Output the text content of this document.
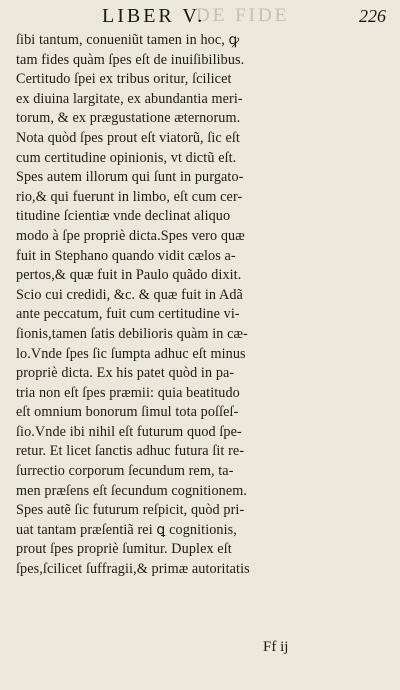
DE FIDE
LIBER V.	226
ſibi tantum, conueniũt tamen in hoc, ꝙ
tam fides quàm ſpes eſt de inuiſibilibus.
Certitudo ſpei ex tribus oritur, ſcilicet
ex diuina largitate, ex abundantia meri-
torum, & ex prægustatione æternorum.
Nota quòd ſpes prout eſt viatorũ, ſic eſt
cum certitudine opinionis, vt dictũ eſt.
Spes autem illorum qui ſunt in purgato-
rio,& qui fuerunt in limbo, eſt cum cer-
titudine ſcientiæ vnde declinat aliquo
modo à ſpe propriè dicta.Spes vero quæ
fuit in Stephano quando vidit cælos a-
pertos,& quæ fuit in Paulo quãdo dixit.
Scio cui credidi, &c. & quæ fuit in Adã
ante peccatum, fuit cum certitudine vi-
ſionis,tamen ſatis debilioris quàm in cæ-
lo.Vnde ſpes ſic ſumpta adhuc eſt minus
propriè dicta. Ex his patet quòd in pa-
tria non eſt ſpes præmii: quia beatitudo
eſt omnium bonorum ſimul tota poſſeſ-
ſio.Vnde ibi nihil eſt futurum quod ſpe-
retur. Et licet ſanctis adhuc futura ſit re-
ſurrectio corporum ſecundum rem, ta-
men præſens eſt ſecundum cognitionem.
Spes autẽ ſic futurum reſpicit, quòd pri-
uat tantam præſentiã rei ꝗ cognitionis,
prout ſpes propriè ſumitur. Duplex eſt
ſpes,ſcilicet ſuffragii,& primæ autoritatis
Ff ij
